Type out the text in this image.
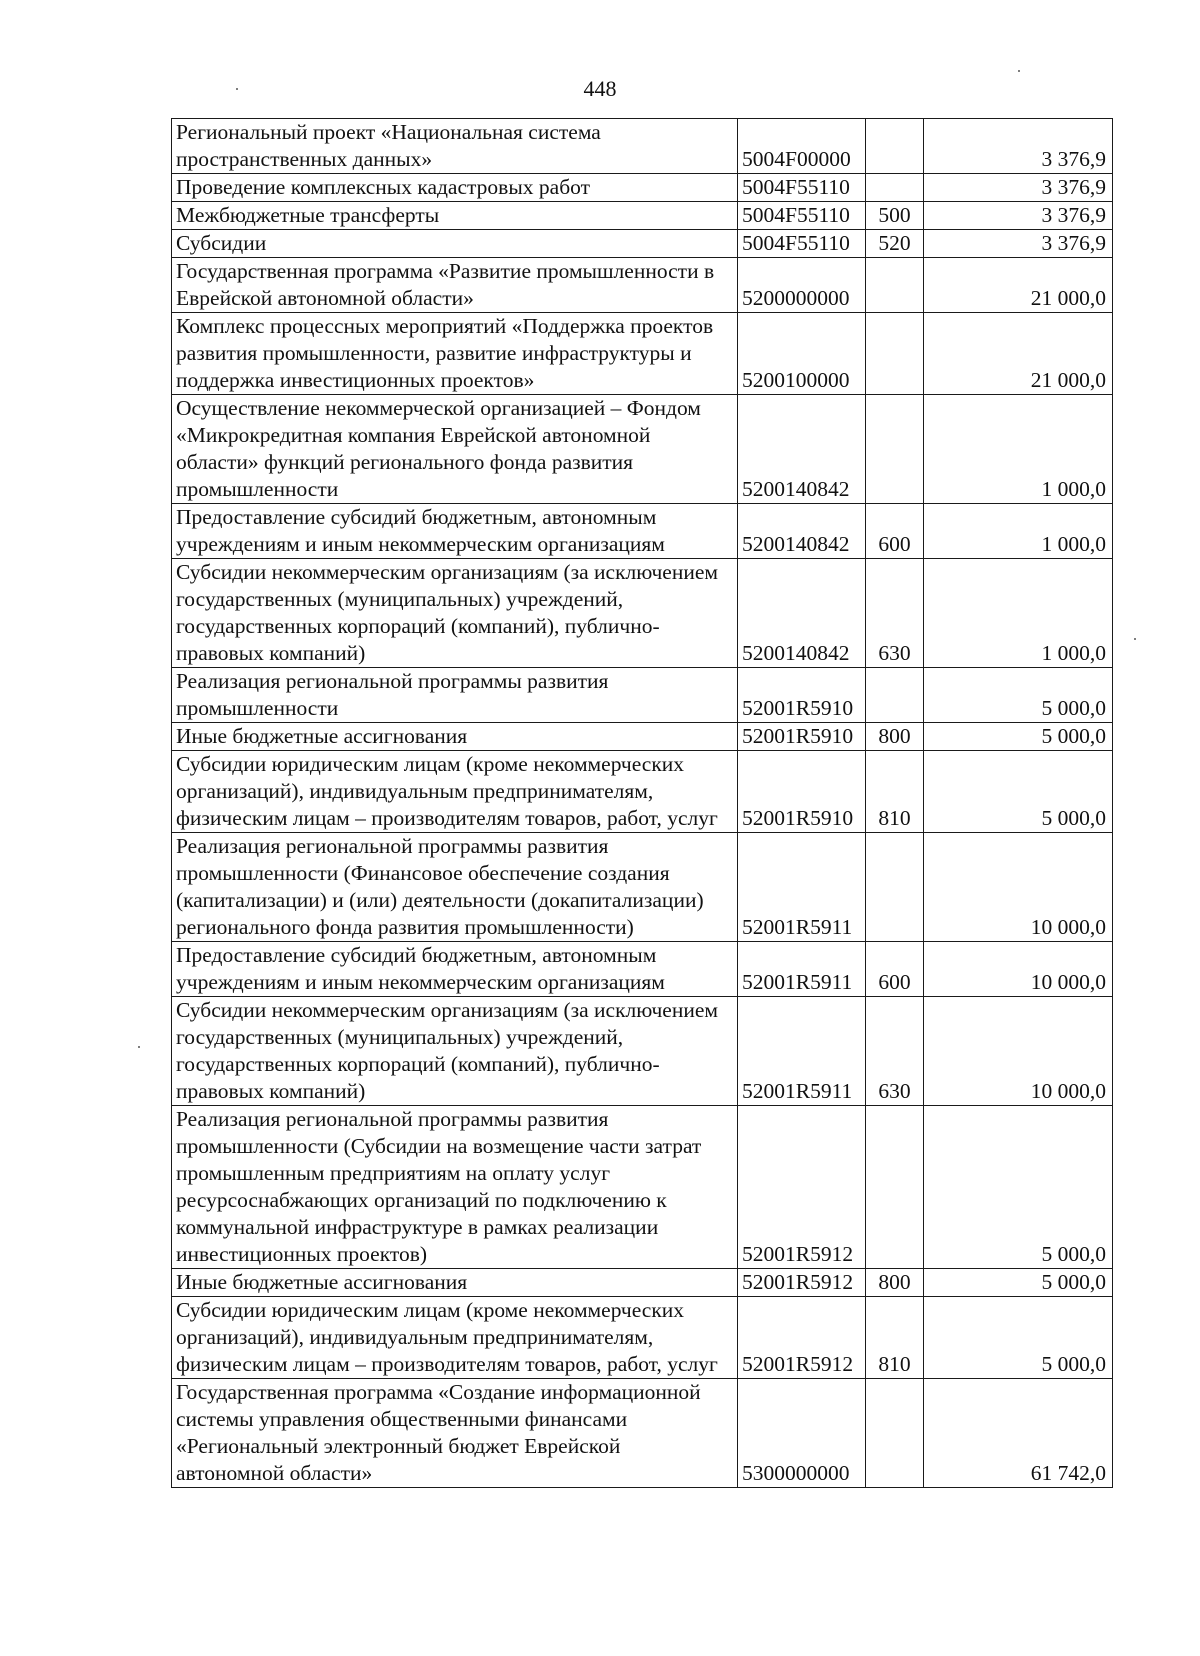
448
Региональный проект «Национальная система пространственных данных»	5004F00000		3 376,9
Проведение комплексных кадастровых работ	5004F55110		3 376,9
Межбюджетные трансферты	5004F55110	500	3 376,9
Субсидии	5004F55110	520	3 376,9
Государственная программа «Развитие промышленности в Еврейской автономной области»	5200000000		21 000,0
Комплекс процессных мероприятий «Поддержка проектов развития промышленности, развитие инфраструктуры и поддержка инвестиционных проектов»	5200100000		21 000,0
Осуществление некоммерческой организацией – Фондом «Микрокредитная компания Еврейской автономной области» функций регионального фонда развития промышленности	5200140842		1 000,0
Предоставление субсидий бюджетным, автономным учреждениям и иным некоммерческим организациям	5200140842	600	1 000,0
Субсидии некоммерческим организациям (за исключением государственных (муниципальных) учреждений, государственных корпораций (компаний), публично-правовых компаний)	5200140842	630	1 000,0
Реализация региональной программы развития промышленности	52001R5910		5 000,0
Иные бюджетные ассигнования	52001R5910	800	5 000,0
Субсидии юридическим лицам (кроме некоммерческих организаций), индивидуальным предпринимателям, физическим лицам – производителям товаров, работ, услуг	52001R5910	810	5 000,0
Реализация региональной программы развития промышленности (Финансовое обеспечение создания (капитализации) и (или) деятельности (докапитализации) регионального фонда развития промышленности)	52001R5911		10 000,0
Предоставление субсидий бюджетным, автономным учреждениям и иным некоммерческим организациям	52001R5911	600	10 000,0
Субсидии некоммерческим организациям (за исключением государственных (муниципальных) учреждений, государственных корпораций (компаний), публично-правовых компаний)	52001R5911	630	10 000,0
Реализация региональной программы развития промышленности (Субсидии на возмещение части затрат промышленным предприятиям на оплату услуг ресурсоснабжающих организаций по подключению к коммунальной инфраструктуре в рамках реализации инвестиционных проектов)	52001R5912		5 000,0
Иные бюджетные ассигнования	52001R5912	800	5 000,0
Субсидии юридическим лицам (кроме некоммерческих организаций), индивидуальным предпринимателям, физическим лицам – производителям товаров, работ, услуг	52001R5912	810	5 000,0
Государственная программа «Создание информационной системы управления общественными финансами «Региональный электронный бюджет Еврейской автономной области»	5300000000		61 742,0
